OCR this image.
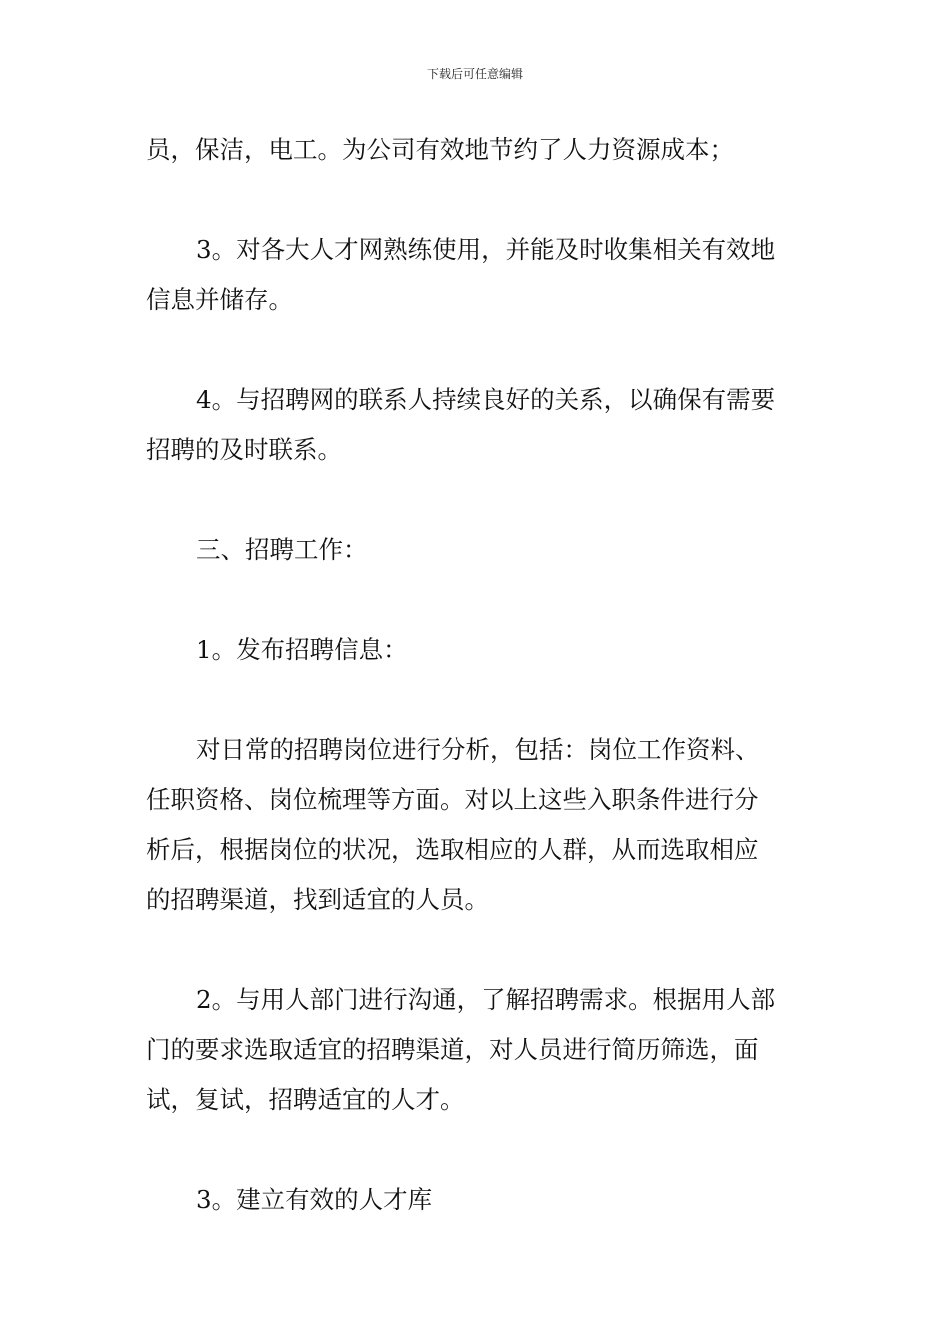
下载后可任意编辑

员，保洁，电工。为公司有效地节约了人力资源成本；

3。对各大人才网熟练使用，并能及时收集相关有效地

信息并储存。

4。与招聘网的联系人持续良好的关系，以确保有需要

招聘的及时联系。

三、招聘工作：

1。发布招聘信息：

对日常的招聘岗位进行分析，包括：岗位工作资料、

任职资格、岗位梳理等方面。对以上这些入职条件进行分

析后，根据岗位的状况，选取相应的人群，从而选取相应

的招聘渠道，找到适宜的人员。

2。与用人部门进行沟通，了解招聘需求。根据用人部

门的要求选取适宜的招聘渠道，对人员进行简历筛选，面

试，复试，招聘适宜的人才。

3。建立有效的人才库
